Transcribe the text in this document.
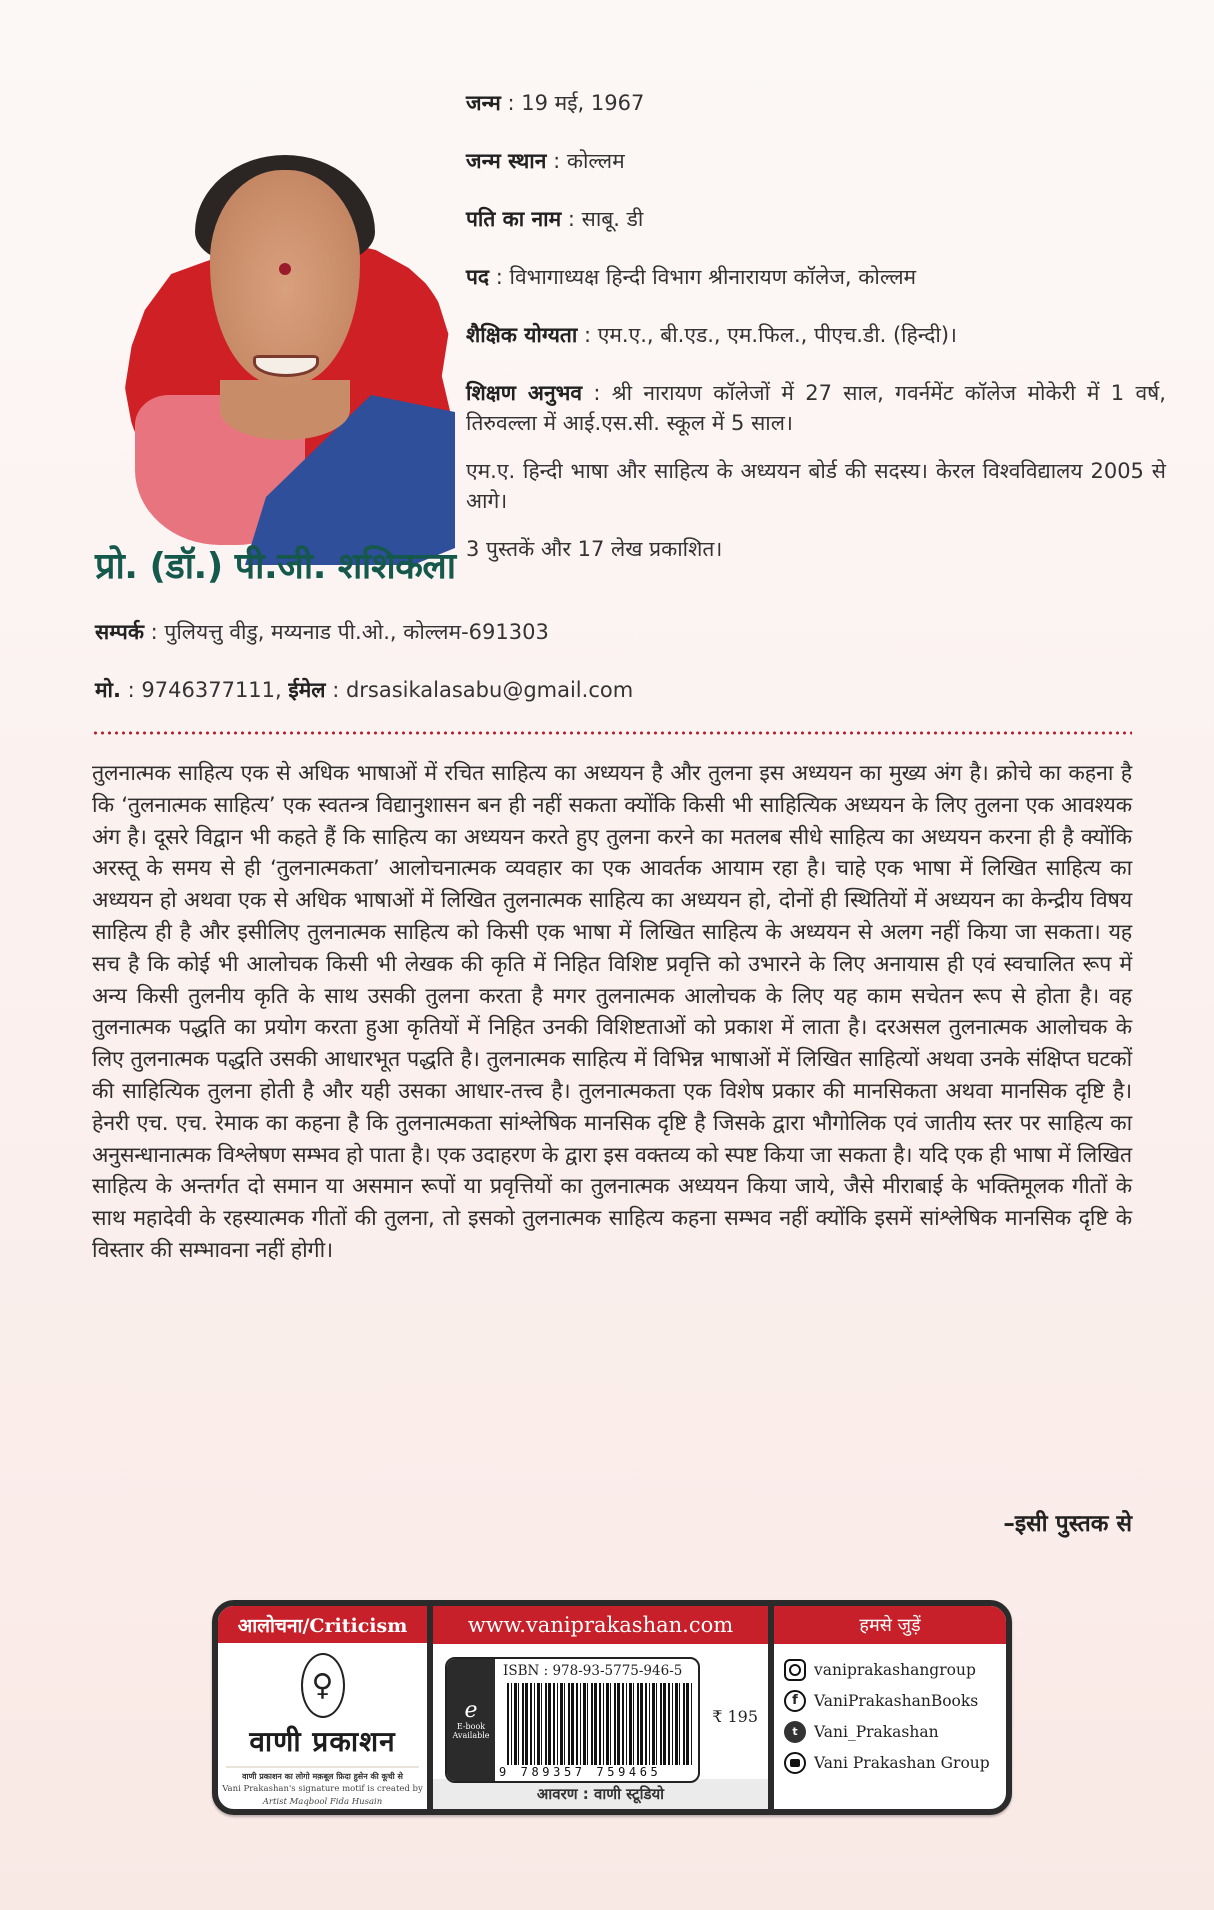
प्रो. (डॉ.) पी.जी. शशिकला
जन्म : 19 मई, 1967
जन्म स्थान : कोल्लम
पति का नाम : साबू. डी
पद : विभागाध्यक्ष हिन्दी विभाग श्रीनारायण कॉलेज, कोल्लम
शैक्षिक योग्यता : एम.ए., बी.एड., एम.फिल., पीएच.डी. (हिन्दी)।
शिक्षण अनुभव : श्री नारायण कॉलेजों में 27 साल, गवर्नमेंट कॉलेज मोकेरी में 1 वर्ष, तिरुवल्ला में आई.एस.सी. स्कूल में 5 साल।
एम.ए. हिन्दी भाषा और साहित्य के अध्ययन बोर्ड की सदस्य। केरल विश्वविद्यालय 2005 से आगे।
3 पुस्तकें और 17 लेख प्रकाशित।
सम्पर्क : पुलियत्तु वीडु, मय्यनाड पी.ओ., कोल्लम-691303
मो. : 9746377111, ईमेल : drsasikalasabu@gmail.com
तुलनात्मक साहित्य एक से अधिक भाषाओं में रचित साहित्य का अध्ययन है और तुलना इस अध्ययन का मुख्य अंग है। क्रोचे का कहना है कि ‘तुलनात्मक साहित्य’ एक स्वतन्त्र विद्यानुशासन बन ही नहीं सकता क्योंकि किसी भी साहित्यिक अध्ययन के लिए तुलना एक आवश्यक अंग है। दूसरे विद्वान भी कहते हैं कि साहित्य का अध्ययन करते हुए तुलना करने का मतलब सीधे साहित्य का अध्ययन करना ही है क्योंकि अरस्तू के समय से ही ‘तुलनात्मकता’ आलोचनात्मक व्यवहार का एक आवर्तक आयाम रहा है। चाहे एक भाषा में लिखित साहित्य का अध्ययन हो अथवा एक से अधिक भाषाओं में लिखित तुलनात्मक साहित्य का अध्ययन हो, दोनों ही स्थितियों में अध्ययन का केन्द्रीय विषय साहित्य ही है और इसीलिए तुलनात्मक साहित्य को किसी एक भाषा में लिखित साहित्य के अध्ययन से अलग नहीं किया जा सकता। यह सच है कि कोई भी आलोचक किसी भी लेखक की कृति में निहित विशिष्ट प्रवृत्ति को उभारने के लिए अनायास ही एवं स्वचालित रूप में अन्य किसी तुलनीय कृति के साथ उसकी तुलना करता है मगर तुलनात्मक आलोचक के लिए यह काम सचेतन रूप से होता है। वह तुलनात्मक पद्धति का प्रयोग करता हुआ कृतियों में निहित उनकी विशिष्टताओं को प्रकाश में लाता है। दरअसल तुलनात्मक आलोचक के लिए तुलनात्मक पद्धति उसकी आधारभूत पद्धति है। तुलनात्मक साहित्य में विभिन्न भाषाओं में लिखित साहित्यों अथवा उनके संक्षिप्त घटकों की साहित्यिक तुलना होती है और यही उसका आधार-तत्त्व है। तुलनात्मकता एक विशेष प्रकार की मानसिकता अथवा मानसिक दृष्टि है। हेनरी एच. एच. रेमाक का कहना है कि तुलनात्मकता सांश्लेषिक मानसिक दृष्टि है जिसके द्वारा भौगोलिक एवं जातीय स्तर पर साहित्य का अनुसन्धानात्मक विश्लेषण सम्भव हो पाता है। एक उदाहरण के द्वारा इस वक्तव्य को स्पष्ट किया जा सकता है। यदि एक ही भाषा में लिखित साहित्य के अन्तर्गत दो समान या असमान रूपों या प्रवृत्तियों का तुलनात्मक अध्ययन किया जाये, जैसे मीराबाई के भक्तिमूलक गीतों के साथ महादेवी के रहस्यात्मक गीतों की तुलना, तो इसको तुलनात्मक साहित्य कहना सम्भव नहीं क्योंकि इसमें सांश्लेषिक मानसिक दृष्टि के विस्तार की सम्भावना नहीं होगी।
–इसी पुस्तक से
आलोचना/Criticism
♀
वाणी प्रकाशन
वाणी प्रकाशन का लोगो मक़बूल फ़िदा हुसेन की कूची से
Vani Prakashan's signature motif is created by
Artist Maqbool Fida Husain
www.vaniprakashan.com
e
E-book
Available
ISBN : 978-93-5775-946-5
9 789357 759465
₹ 195
आवरण : वाणी स्टूडियो
हमसे जुड़ें
vaniprakashangroup
f	VaniPrakashanBooks
t	Vani_Prakashan
Vani Prakashan Group
